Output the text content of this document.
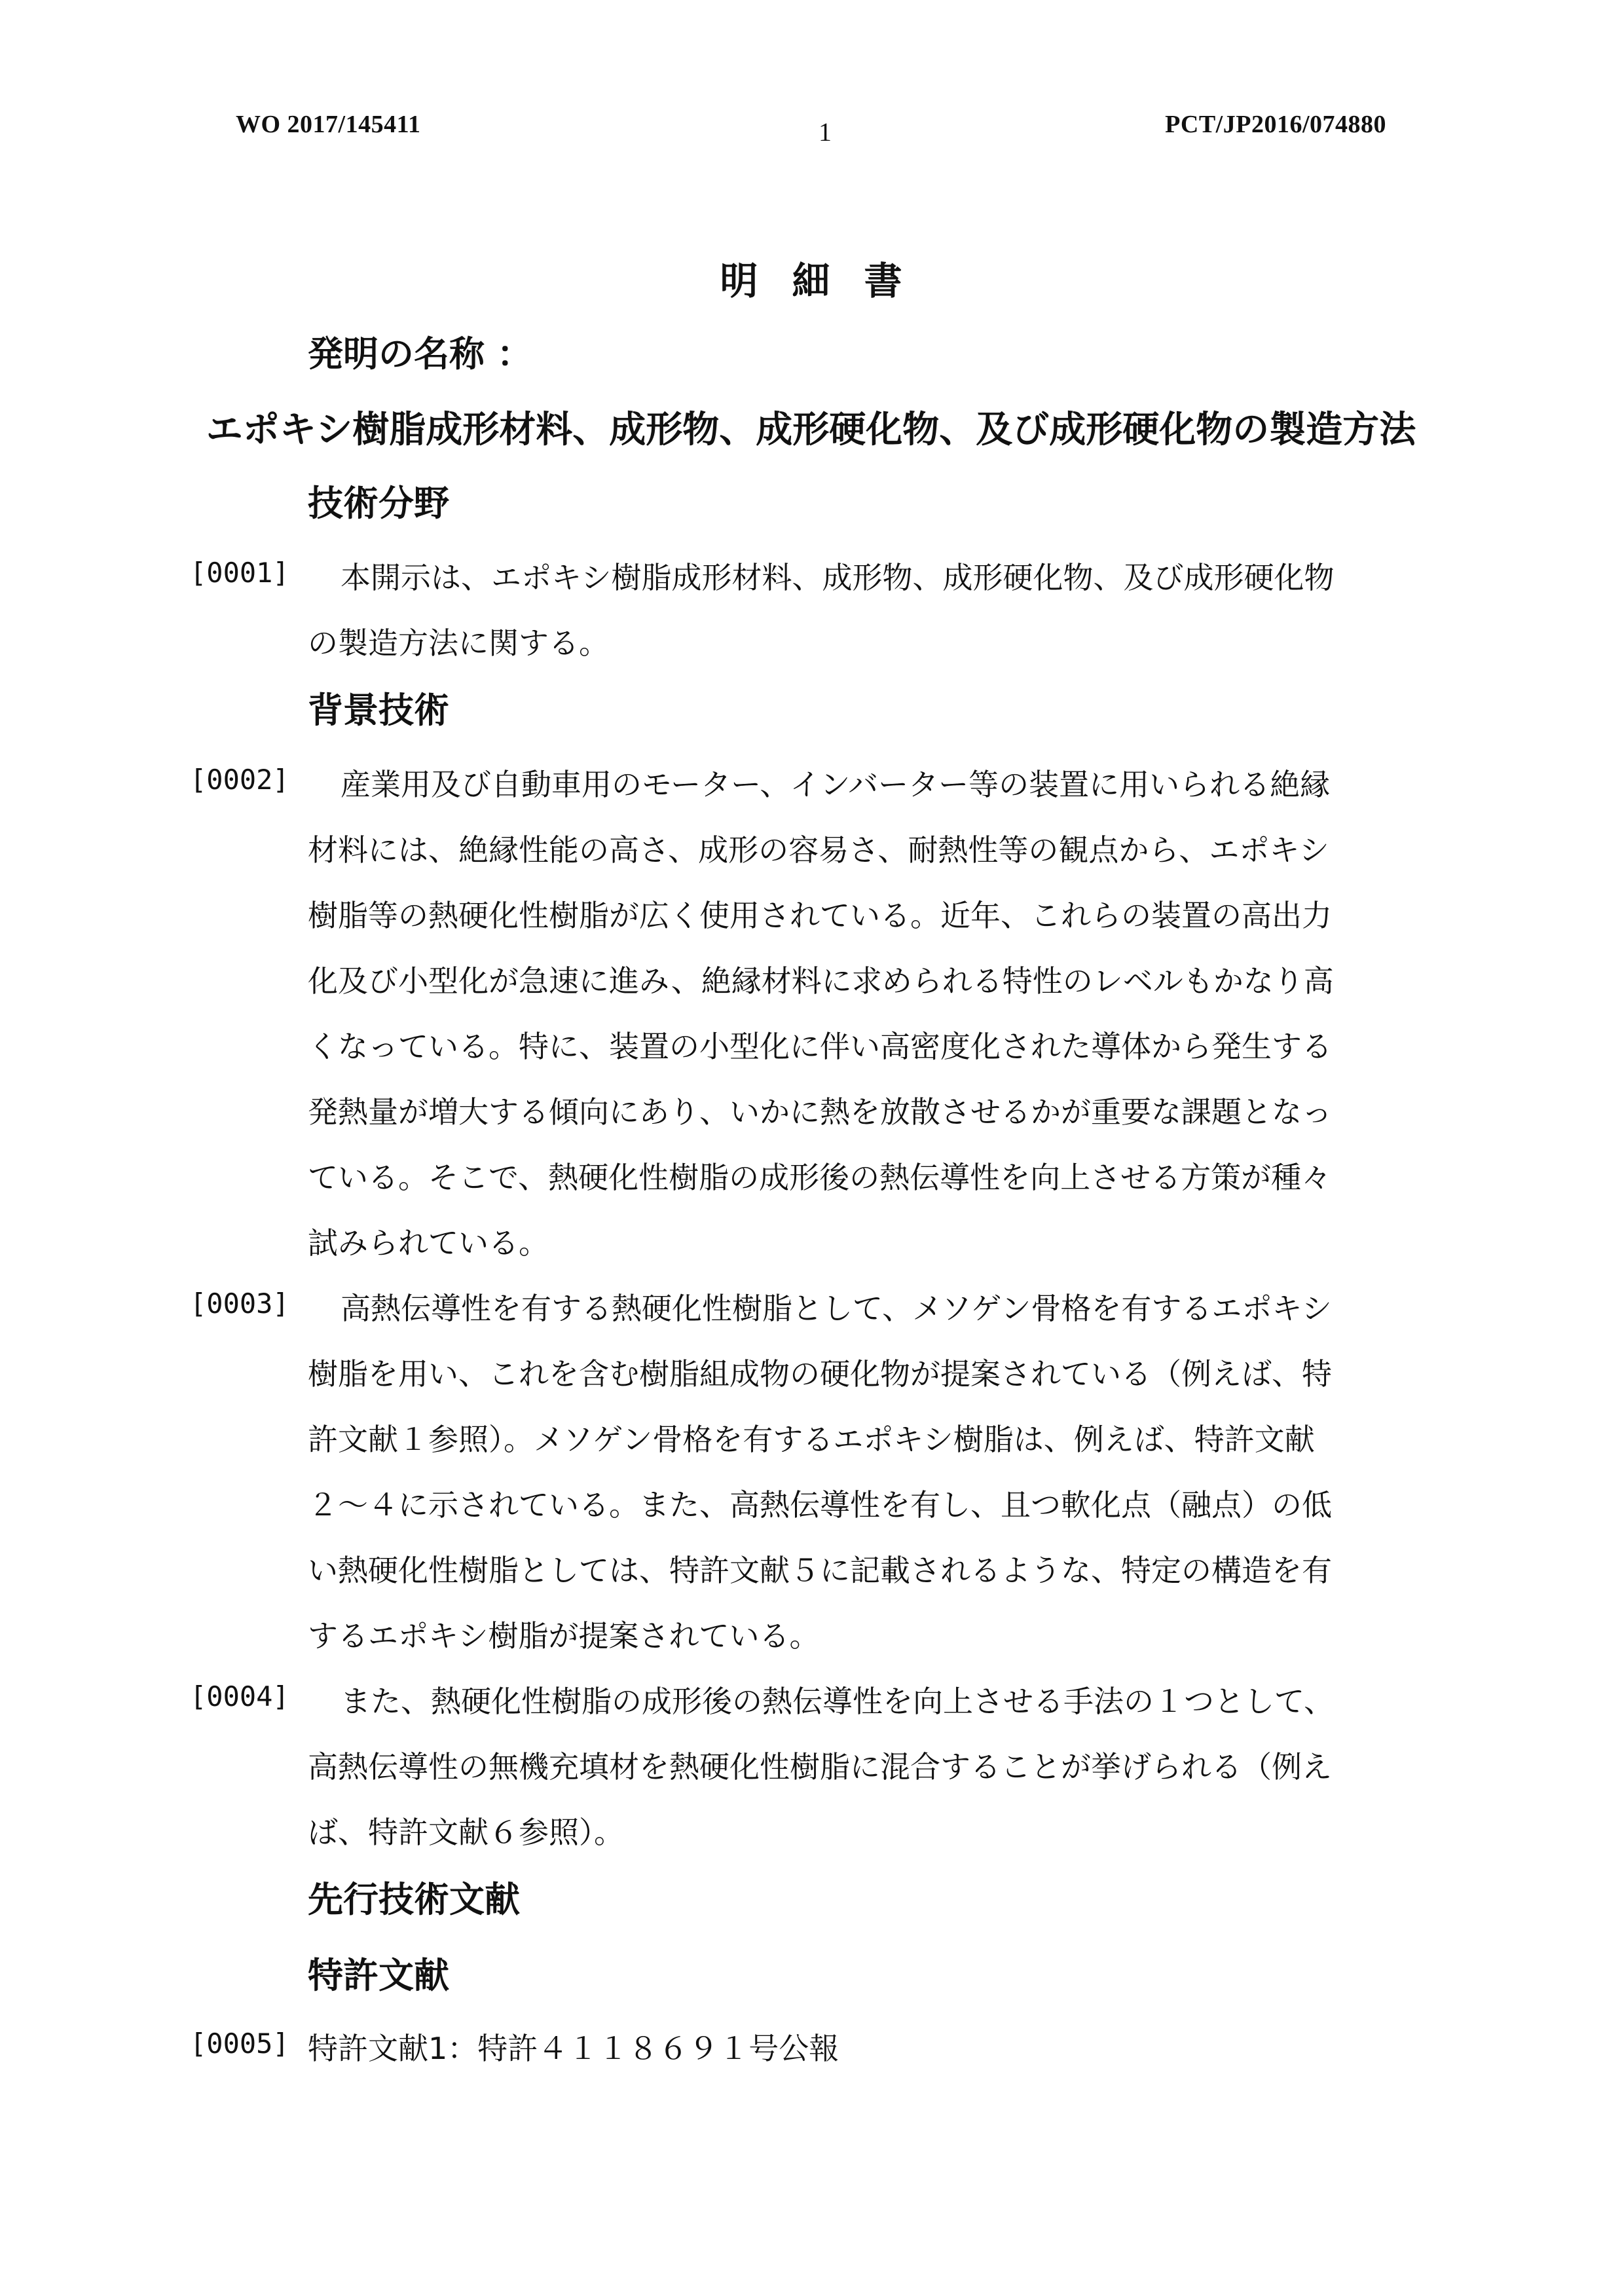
WO 2017/145411	1	PCT/JP2016/074880
明細書
発明の名称 ：
エポキシ樹脂成形材料、成形物、成形硬化物、及び成形硬化物の製造方法
技術分野
[0001] 本開示は、エポキシ樹脂成形材料、成形物、成形硬化物、及び成形硬化物
の製造方法に関する。
背景技術
[0002] 産業用及び自動車用のモーター、インバーター等の装置に用いられる絶縁
材料には、絶縁性能の高さ、成形の容易さ、耐熱性等の観点から、エポキシ
樹脂等の熱硬化性樹脂が広く使用されている。近年、これらの装置の高出力
化及び小型化が急速に進み、絶縁材料に求められる特性のレベルもかなり高
くなっている。特に、装置の小型化に伴い高密度化された導体から発生する
発熱量が増大する傾向にあり、いかに熱を放散させるかが重要な課題となっ
ている。そこで、熱硬化性樹脂の成形後の熱伝導性を向上させる方策が種々
試みられている。
[0003] 高熱伝導性を有する熱硬化性樹脂として、メソゲン骨格を有するエポキシ
樹脂を用い、これを含む樹脂組成物の硬化物が提案されている（例えば、特
許文献１参照）。メソゲン骨格を有するエポキシ樹脂は、例えば、特許文献
２～４に示されている。また、高熱伝導性を有し、且つ軟化点（融点）の低
い熱硬化性樹脂としては、特許文献５に記載されるような、特定の構造を有
するエポキシ樹脂が提案されている。
[0004] また、熱硬化性樹脂の成形後の熱伝導性を向上させる手法の１つとして、
高熱伝導性の無機充填材を熱硬化性樹脂に混合することが挙げられる（例え
ば、特許文献６参照）。
先行技術文献
特許文献
[0005] 特許文献1：特許４１１８６９１号公報
